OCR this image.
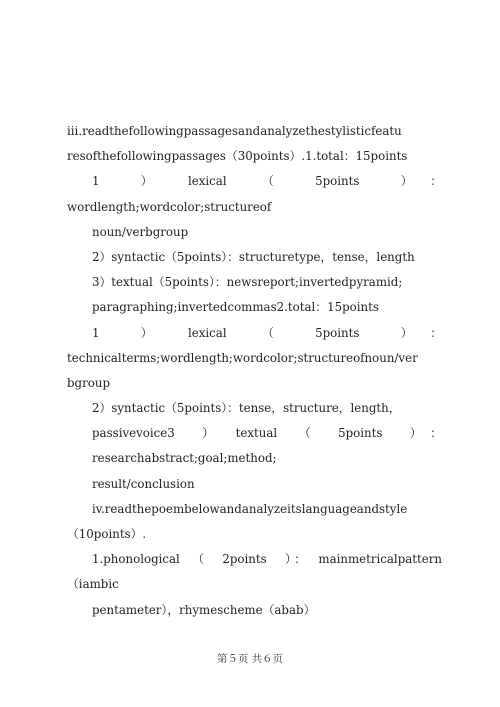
iii.readthefollowingpassagesandanalyzethestylisticfeatu
resofthefollowingpassages（30points）.1.total：15points
1　　）　　lexical　　（　　5points　　）　：
wordlength;wordcolor;structureof
noun/verbgroup
2）syntactic（5points）：structuretype，tense，length
3）textual（5points）：newsreport;invertedpyramid;
paragraphing;invertedcommas2.total：15points
1　　）　　lexical　　（　　5points　　）　：
technicalterms;wordlength;wordcolor;structureofnoun/ver
bgroup
2）syntactic（5points）：tense，structure，length，
passivevoice3　　）　　textual　　（　　5points　　）　：
researchabstract;goal;method;
result/conclusion
iv.readthepoembelowandanalyzeitslanguageandstyle
（10points）.
1.phonological　（　2points　）：　mainmetricalpattern
（iambic
pentameter），rhymescheme（abab）
第５页 共６页
